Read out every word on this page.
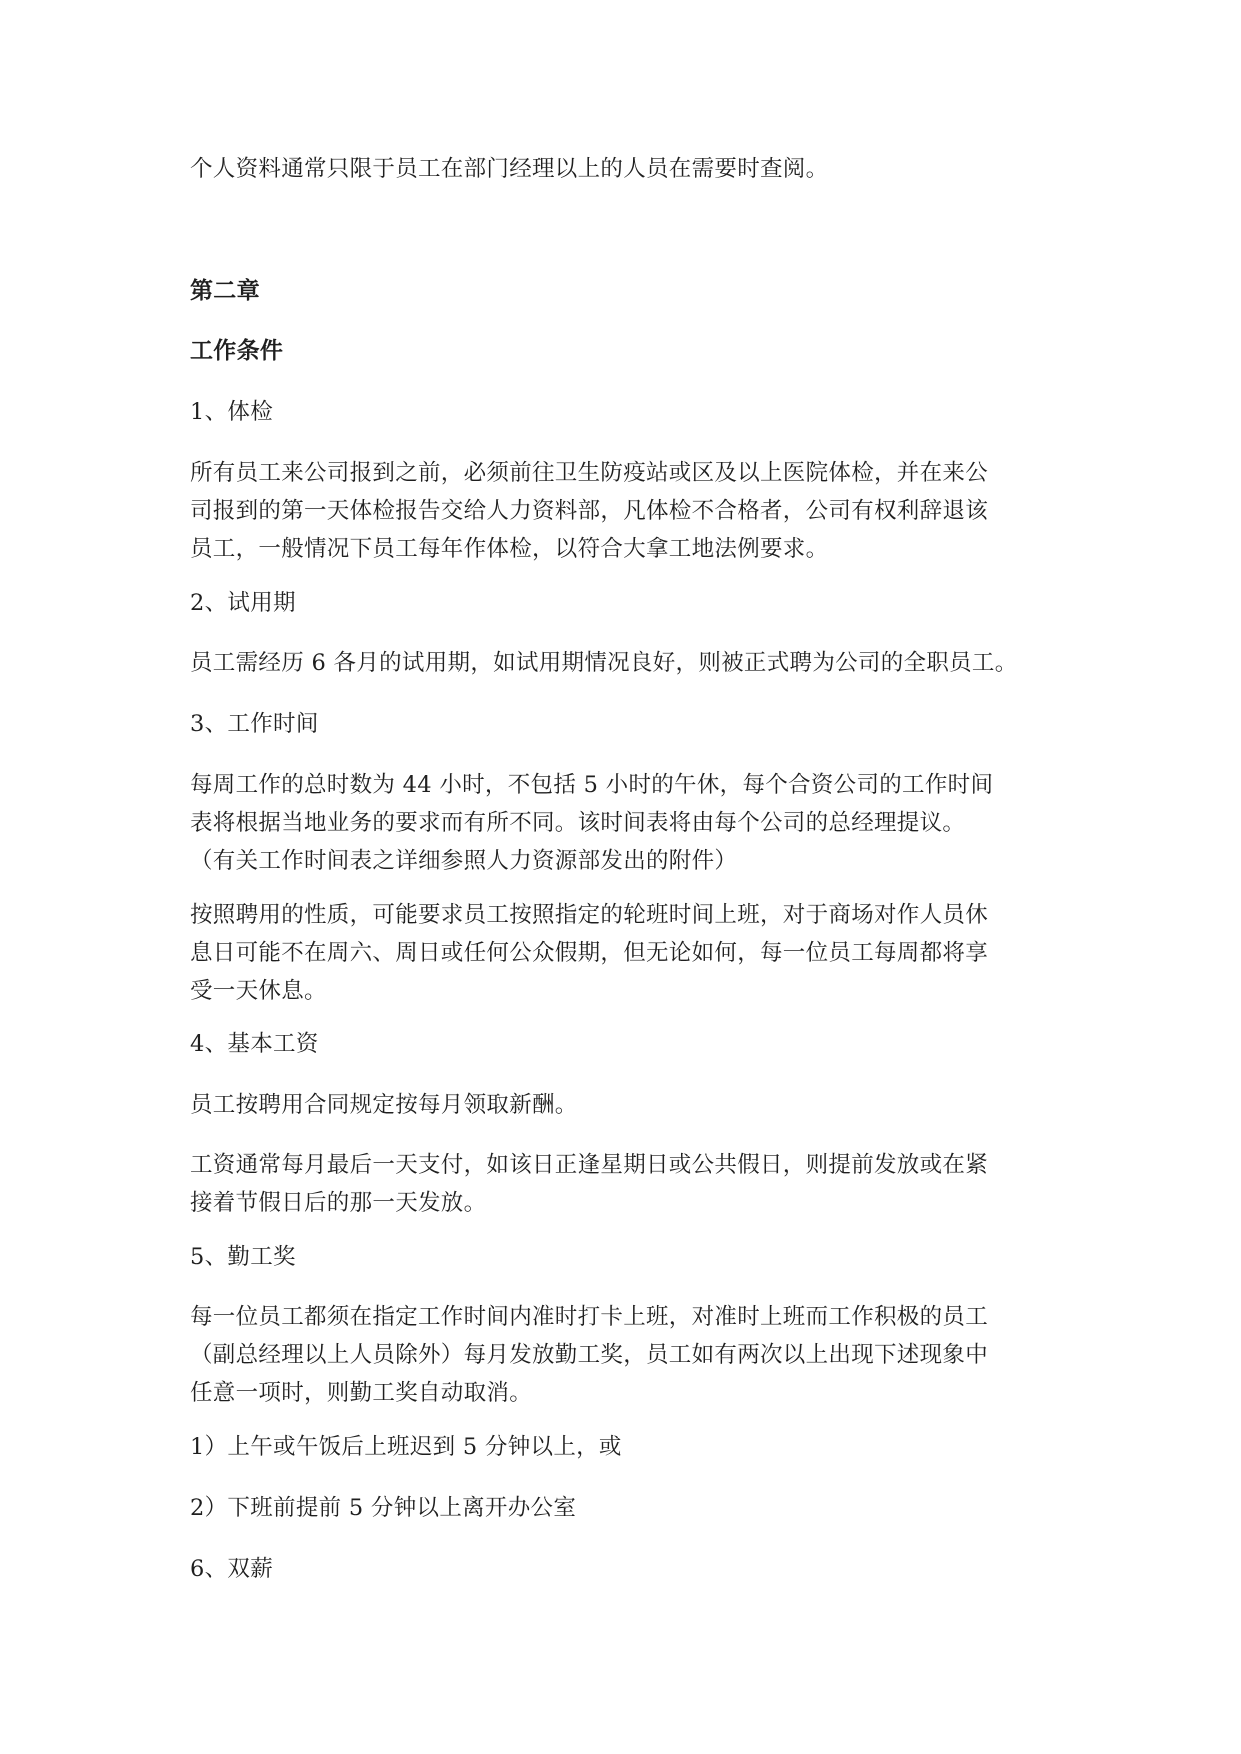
个人资料通常只限于员工在部门经理以上的人员在需要时查阅。

第二章

工作条件

1、体检

所有员工来公司报到之前，必须前往卫生防疫站或区及以上医院体检，并在来公
司报到的第一天体检报告交给人力资料部，凡体检不合格者，公司有权利辞退该
员工，一般情况下员工每年作体检，以符合大拿工地法例要求。

2、试用期

员工需经历 6 各月的试用期，如试用期情况良好，则被正式聘为公司的全职员工。

3、工作时间

每周工作的总时数为 44 小时，不包括 5 小时的午休，每个合资公司的工作时间
表将根据当地业务的要求而有所不同。该时间表将由每个公司的总经理提议。
（有关工作时间表之详细参照人力资源部发出的附件）

按照聘用的性质，可能要求员工按照指定的轮班时间上班，对于商场对作人员休
息日可能不在周六、周日或任何公众假期，但无论如何，每一位员工每周都将享
受一天休息。

4、基本工资

员工按聘用合同规定按每月领取新酬。

工资通常每月最后一天支付，如该日正逢星期日或公共假日，则提前发放或在紧
接着节假日后的那一天发放。

5、勤工奖

每一位员工都须在指定工作时间内准时打卡上班，对准时上班而工作积极的员工
（副总经理以上人员除外）每月发放勤工奖，员工如有两次以上出现下述现象中
任意一项时，则勤工奖自动取消。

1）上午或午饭后上班迟到 5 分钟以上，或

2）下班前提前 5 分钟以上离开办公室

6、双薪
